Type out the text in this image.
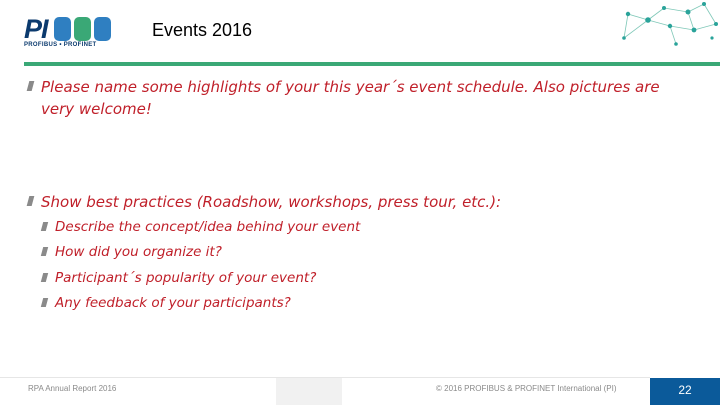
PI
PROFIBUS • PROFINET
Events 2016
Please name some highlights of your this year´s event schedule. Also pictures are very welcome!
Show best practices (Roadshow, workshops, press tour, etc.):
Describe the concept/idea behind your event
How did you organize it?
Participant´s popularity of your event?
Any feedback of your participants?
RPA Annual Report 2016	© 2016 PROFIBUS & PROFINET International (PI)	22
